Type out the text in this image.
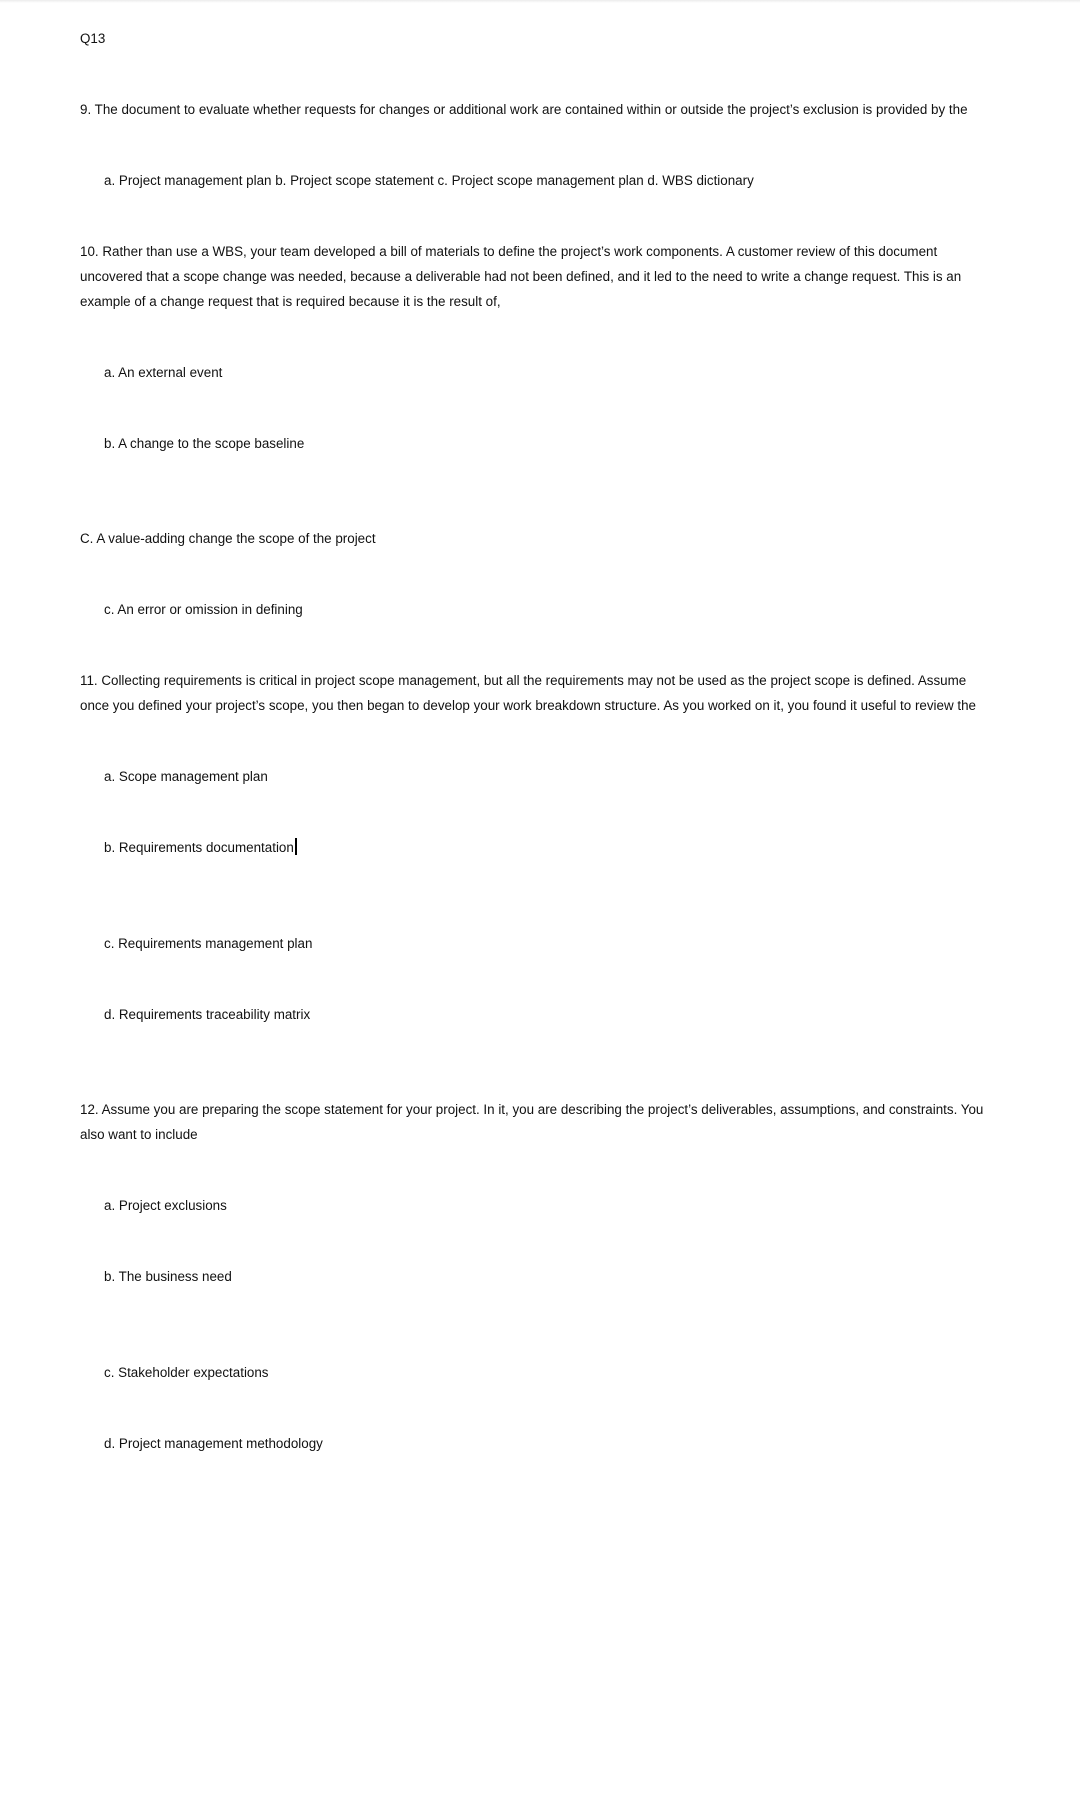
Q13
9. The document to evaluate whether requests for changes or additional work are contained within or outside the project’s exclusion is provided by the
a. Project management plan b. Project scope statement c. Project scope management plan d. WBS dictionary
10. Rather than use a WBS, your team developed a bill of materials to define the project’s work components. A customer review of this document
uncovered that a scope change was needed, because a deliverable had not been defined, and it led to the need to write a change request. This is an
example of a change request that is required because it is the result of,
a. An external event
b. A change to the scope baseline
C. A value-adding change the scope of the project
c. An error or omission in defining
11. Collecting requirements is critical in project scope management, but all the requirements may not be used as the project scope is defined. Assume
once you defined your project’s scope, you then began to develop your work breakdown structure. As you worked on it, you found it useful to review the
a. Scope management plan
b. Requirements documentation
c. Requirements management plan
d. Requirements traceability matrix
12. Assume you are preparing the scope statement for your project. In it, you are describing the project’s deliverables, assumptions, and constraints. You
also want to include
a. Project exclusions
b. The business need
c. Stakeholder expectations
d. Project management methodology
